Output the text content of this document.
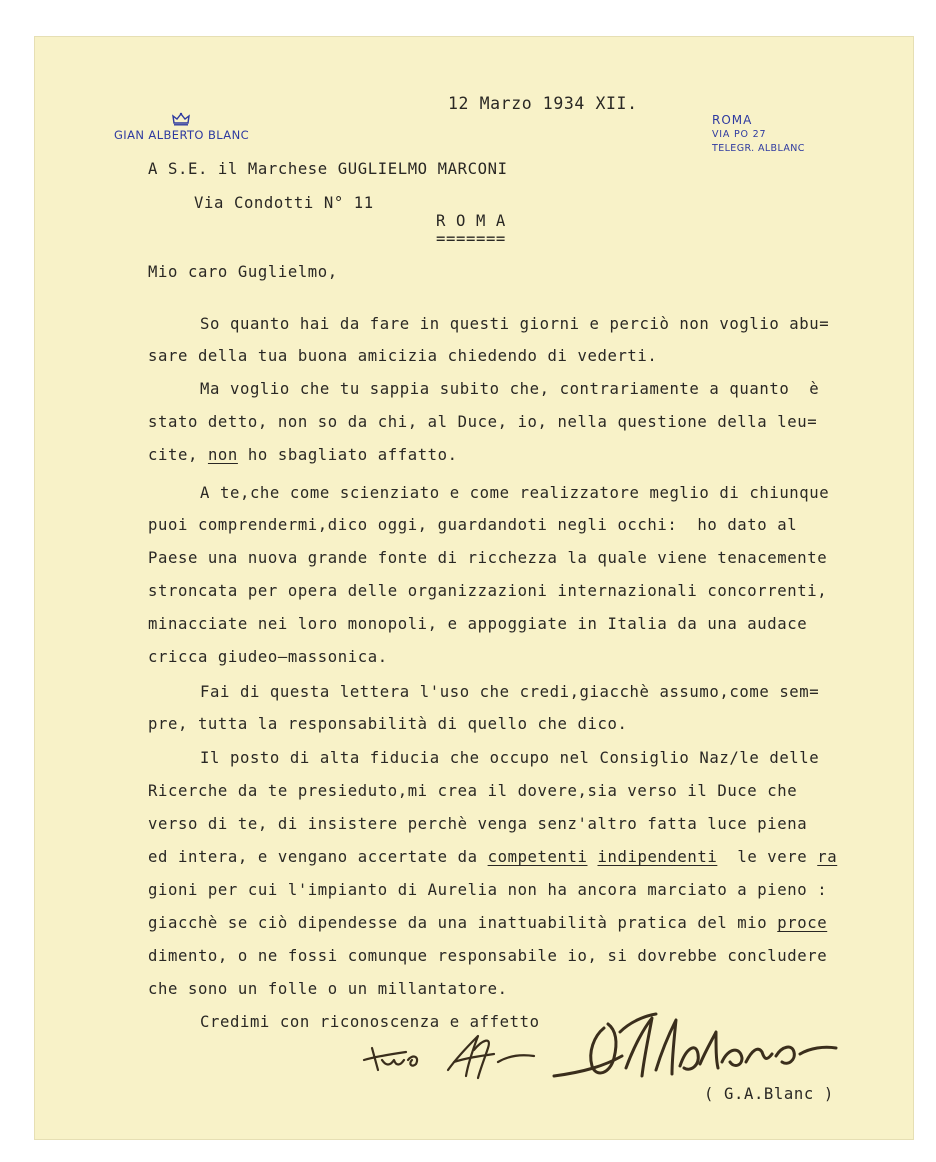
GIAN ALBERTO BLANC
ROMA
VIA PO 27
TELEGR. ALBLANC
12 Marzo 1934 XII.
A S.E. il Marchese GUGLIELMO MARCONI
Via Condotti N° 11
R O M A
=======
Mio caro Guglielmo,
So quanto hai da fare in questi giorni e perciò non voglio abu=
sare della tua buona amicizia chiedendo di vederti.
Ma voglio che tu sappia subito che, contrariamente a quanto  è
stato detto, non so da chi, al Duce, io, nella questione della leu=
cite, non ho sbagliato affatto.
A te,che come scienziato e come realizzatore meglio di chiunque
puoi comprendermi,dico oggi, guardandoti negli occhi:  ho dato al
Paese una nuova grande fonte di ricchezza la quale viene tenacemente
stroncata per opera delle organizzazioni internazionali concorrenti,
minacciate nei loro monopoli, e appoggiate in Italia da una audace
cricca giudeo—massonica.
Fai di questa lettera l'uso che credi,giacchè assumo,come sem=
pre, tutta la responsabilità di quello che dico.
Il posto di alta fiducia che occupo nel Consiglio Naz/le delle
Ricerche da te presieduto,mi crea il dovere,sia verso il Duce che
verso di te, di insistere perchè venga senz'altro fatta luce piena
ed intera, e vengano accertate da competenti indipendenti  le vere ra
gioni per cui l'impianto di Aurelia non ha ancora marciato a pieno :
giacchè se ciò dipendesse da una inattuabilità pratica del mio proce
dimento, o ne fossi comunque responsabile io, si dovrebbe concludere
che sono un folle o un millantatore.
Credimi con riconoscenza e affetto
( G.A.Blanc )
